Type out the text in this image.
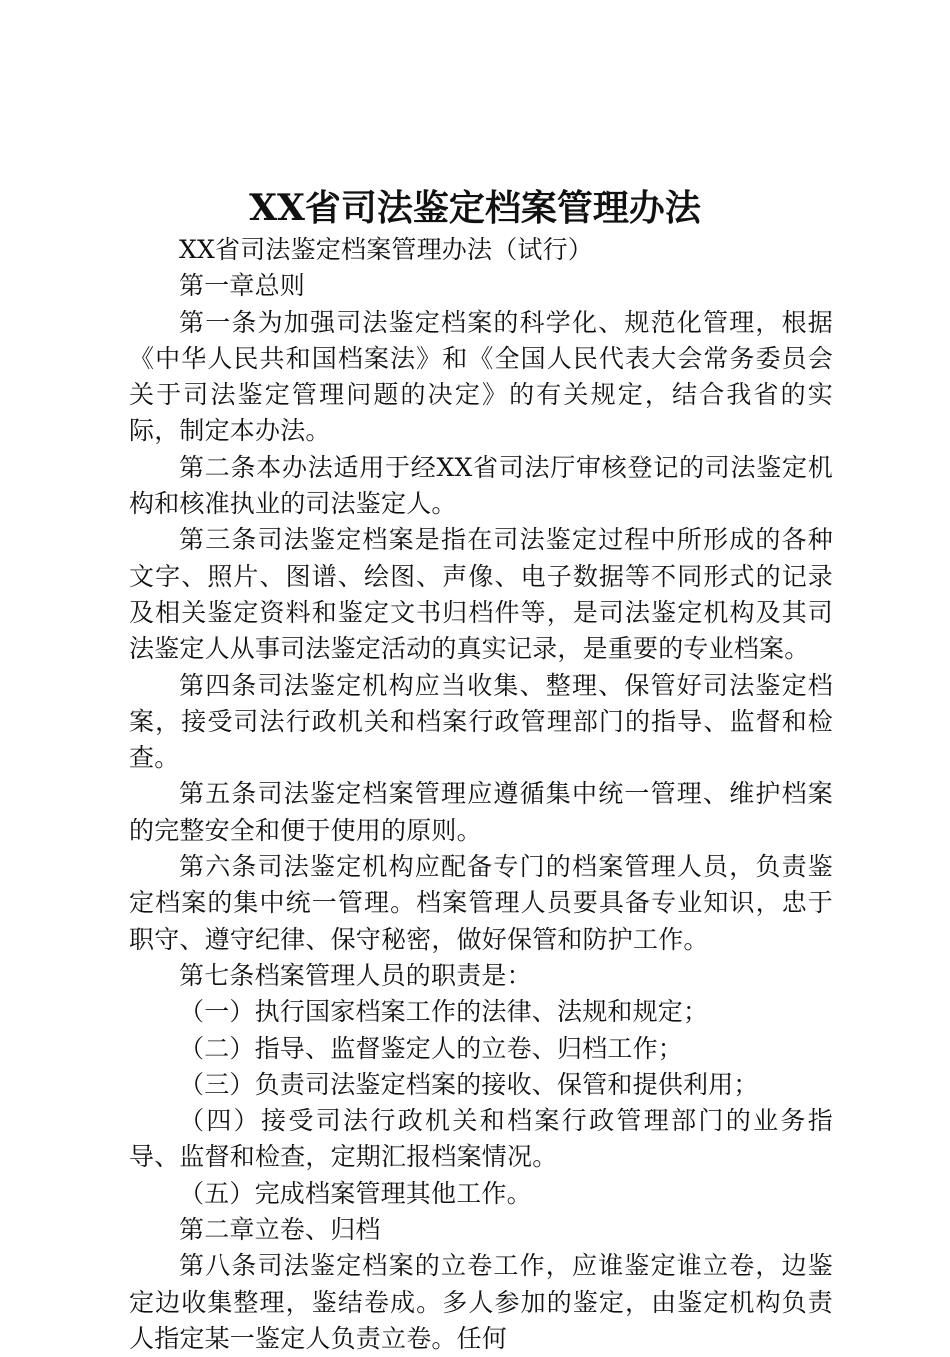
XX省司法鉴定档案管理办法

XX省司法鉴定档案管理办法（试行）

第一章总则

第一条为加强司法鉴定档案的科学化、规范化管理，根据《中华人民共和国档案法》和《全国人民代表大会常务委员会关于司法鉴定管理问题的决定》的有关规定，结合我省的实际，制定本办法。

第二条本办法适用于经XX省司法厅审核登记的司法鉴定机构和核准执业的司法鉴定人。

第三条司法鉴定档案是指在司法鉴定过程中所形成的各种文字、照片、图谱、绘图、声像、电子数据等不同形式的记录及相关鉴定资料和鉴定文书归档件等，是司法鉴定机构及其司法鉴定人从事司法鉴定活动的真实记录，是重要的专业档案。

第四条司法鉴定机构应当收集、整理、保管好司法鉴定档案，接受司法行政机关和档案行政管理部门的指导、监督和检查。

第五条司法鉴定档案管理应遵循集中统一管理、维护档案的完整安全和便于使用的原则。

第六条司法鉴定机构应配备专门的档案管理人员，负责鉴定档案的集中统一管理。档案管理人员要具备专业知识，忠于职守、遵守纪律、保守秘密，做好保管和防护工作。

第七条档案管理人员的职责是：

（一）执行国家档案工作的法律、法规和规定；

（二）指导、监督鉴定人的立卷、归档工作；

（三）负责司法鉴定档案的接收、保管和提供利用；

（四）接受司法行政机关和档案行政管理部门的业务指导、监督和检查，定期汇报档案情况。

（五）完成档案管理其他工作。

第二章立卷、归档

第八条司法鉴定档案的立卷工作，应谁鉴定谁立卷，边鉴定边收集整理，鉴结卷成。多人参加的鉴定，由鉴定机构负责人指定某一鉴定人负责立卷。任何
